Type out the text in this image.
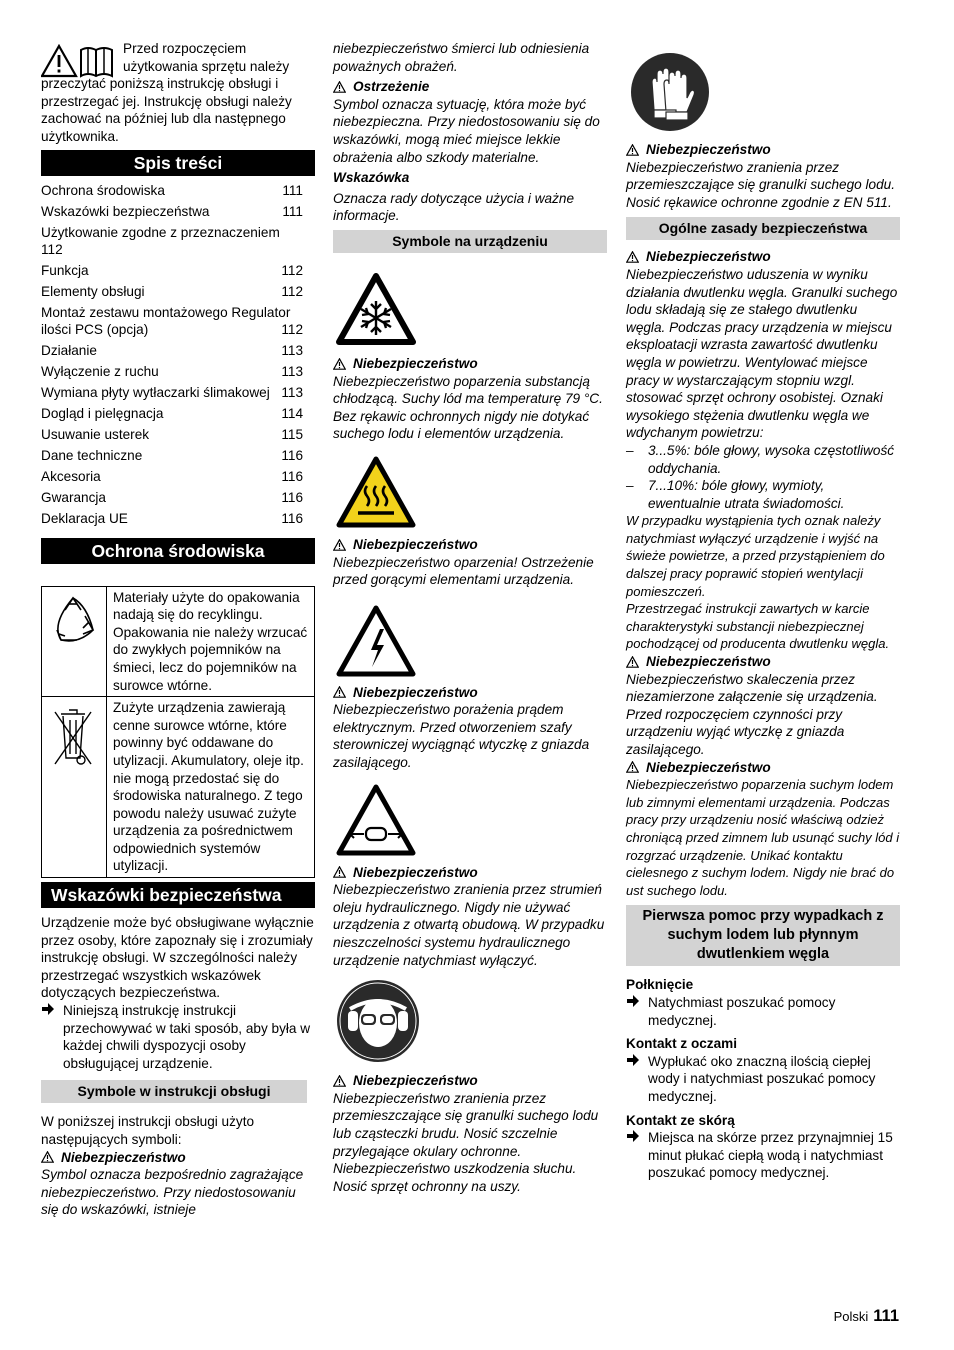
Przed rozpoczęciem

użytkowania sprzętu należy

przeczytać poniższą instrukcję obsługi i przestrzegać jej. Instrukcję obsługi należy zachować na później lub dla następnego użytkownika.

Spis treści
Ochrona środowiska	111
Wskazówki bezpieczeństwa	111
Użytkowanie zgodne z przeznaczeniem
112
Funkcja	112
Elementy obsługi	112
Montaż zestawu montażowego Regulator ilości PCS (opcja)	112
Działanie	113
Wyłączenie z ruchu	113
Wymiana płyty wytłaczarki ślimakowej 113
Dogląd i pielęgnacja	114
Usuwanie usterek	115
Dane techniczne	116
Akcesoria	116
Gwarancja	116
Deklaracja UE	116
Ochrona środowiska
	Materiały użyte do opakowania nadają się do recyklingu. Opakowania nie należy wrzucać do zwykłych pojemników na śmieci, lecz do pojemników na surowce wtórne.
	Zużyte urządzenia zawierają cenne surowce wtórne, które powinny być oddawane do utylizacji. Akumulatory, oleje itp. nie mogą przedostać się do środowiska naturalnego. Z tego powodu należy usuwać zużyte urządzenia za pośrednictwem odpowiednich systemów utylizacji.
Wskazówki bezpieczeństwa

Urządzenie może być obsługiwane wyłącznie przez osoby, które zapoznały się i zrozumiały instrukcję obsługi. W szczególności należy przestrzegać wszystkich wskazówek dotyczących bezpieczeństwa.

Niniejszą instrukcję instrukcji przechowywać w taki sposób, aby była w każdej chwili dyspozycji osoby obsługującej urządzenie.

Symbole w instrukcji obsługi

W poniższej instrukcji obsługi użyto następujących symboli:

Niebezpieczeństwo

Symbol oznacza bezpośrednio zagrażające niebezpieczeństwo. Przy niedostosowaniu się do wskazówki, istnieje

niebezpieczeństwo śmierci lub odniesienia poważnych obrażeń.

Ostrzeżenie

Symbol oznacza sytuację, która może być niebezpieczna. Przy niedostosowaniu się do wskazówki, mogą mieć miejsce lekkie obrażenia albo szkody materialne.

Wskazówka

Oznacza rady dotyczące użycia i ważne informacje.

Symbole na urządzeniu
Niebezpieczeństwo

Niebezpieczeństwo poparzenia substancją chłodzącą. Suchy lód ma temperaturę 79 °C. Bez rękawic ochronnych nigdy nie dotykać suchego lodu i elementów urządzenia.

Niebezpieczeństwo

Niebezpieczeństwo oparzenia! Ostrzeżenie przed gorącymi elementami urządzenia.

Niebezpieczeństwo

Niebezpieczeństwo porażenia prądem elektrycznym. Przed otworzeniem szafy sterowniczej wyciągnąć wtyczkę z gniazda zasilającego.

Niebezpieczeństwo

Niebezpieczeństwo zranienia przez strumień oleju hydraulicznego. Nigdy nie używać urządzenia z otwartą obudową. W przypadku nieszczelności systemu hydraulicznego urządzenie natychmiast wyłączyć.

Niebezpieczeństwo

Niebezpieczeństwo zranienia przez przemieszczające się granulki suchego lodu lub cząsteczki brudu. Nosić szczelnie przylegające okulary ochronne. Niebezpieczeństwo uszkodzenia słuchu. Nosić sprzęt ochronny na uszy.

Niebezpieczeństwo

Niebezpieczeństwo zranienia przez przemieszczające się granulki suchego lodu. Nosić rękawice ochronne zgodnie z EN 511.

Ogólne zasady bezpieczeństwa
Niebezpieczeństwo

Niebezpieczeństwo uduszenia w wyniku działania dwutlenku węgla. Granulki suchego lodu składają się ze stałego dwutlenku węgla. Podczas pracy urządzenia w miejscu eksploatacji wzrasta zawartość dwutlenku węgla w powietrzu. Wentylować miejsce pracy w wystarczającym stopniu wzgl. stosować sprzęt ochrony osobistej. Oznaki wysokiego stężenia dwutlenku węgla we wdychanym powietrzu:

–	3...5%: bóle głowy, wysoka częstotliwość oddychania.
–	7...10%: bóle głowy, wymioty, ewentualnie utrata świadomości.

W przypadku wystąpienia tych oznak należy natychmiast wyłączyć urządzenie i wyjść na świeże powietrze, a przed przystąpieniem do dalszej pracy poprawić stopień wentylacji pomieszczeń.

Przestrzegać instrukcji zawartych w karcie charakterystyki substancji niebezpiecznej pochodzącej od producenta dwutlenku węgla.

Niebezpieczeństwo

Niebezpieczeństwo skaleczenia przez niezamierzone załączenie się urządzenia. Przed rozpoczęciem czynności przy urządzeniu wyjąć wtyczkę z gniazda zasilającego.

Niebezpieczeństwo

Niebezpieczeństwo poparzenia suchym lodem lub zimnymi elementami urządzenia. Podczas pracy przy urządzeniu nosić właściwą odzież chroniącą przed zimnem lub usunąć suchy lód i rozgrzać urządzenie. Unikać kontaktu cielesnego z suchym lodem. Nigdy nie brać do ust suchego lodu.

Pierwsza pomoc przy wypadkach z suchym lodem lub płynnym dwutlenkiem węgla
Połknięcie

Natychmiast poszukać pomocy medycznej.

Kontakt z oczami

Wypłukać oko znaczną ilością ciepłej wody i natychmiast poszukać pomocy medycznej.

Kontakt ze skórą

Miejsca na skórze przez przynajmniej 15 minut płukać ciepłą wodą i natychmiast poszukać pomocy medycznej.

Polski 111
